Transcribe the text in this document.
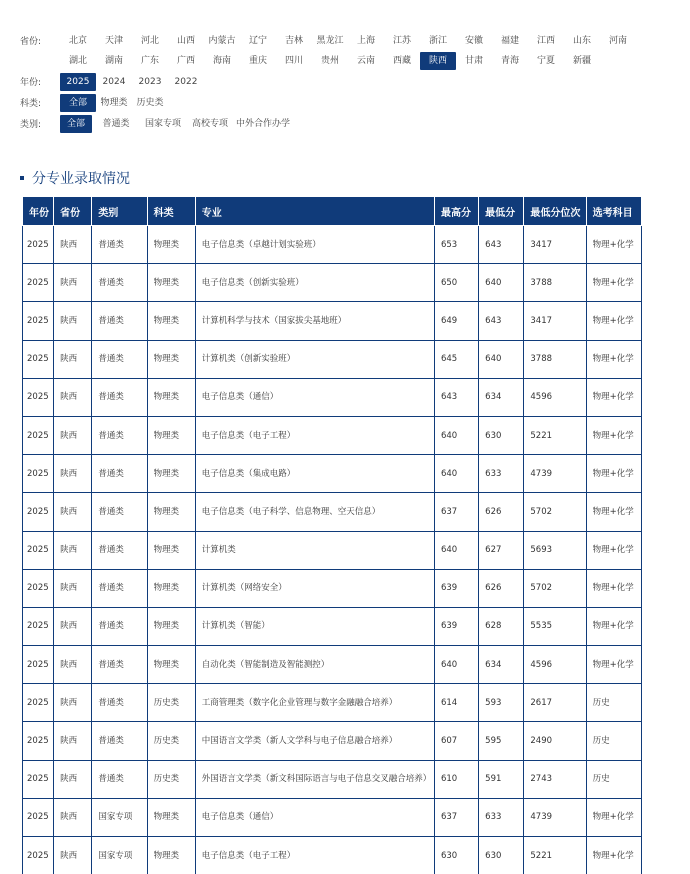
省份:	北京	天津	河北	山西	内蒙古	辽宁	吉林	黑龙江	上海	江苏	浙江	安徽	福建	江西	山东	河南
湖北	湖南	广东	广西	海南	重庆	四川	贵州	云南	西藏	陕西	甘肃	青海	宁夏	新疆
年份:	2025	2024	2023	2022
科类:	全部	物理类 历史类
类别:	全部	普通类	国家专项	高校专项 中外合作办学
分专业录取情况
年份	省份	类别	科类	专业	最高分	最低分	最低分位次	选考科目
2025	陕西	普通类	物理类	电子信息类（卓越计划实验班）	653	643	3417	物理+化学
2025	陕西	普通类	物理类	电子信息类（创新实验班）	650	640	3788	物理+化学
2025	陕西	普通类	物理类	计算机科学与技术（国家拔尖基地班）	649	643	3417	物理+化学
2025	陕西	普通类	物理类	计算机类（创新实验班）	645	640	3788	物理+化学
2025	陕西	普通类	物理类	电子信息类（通信）	643	634	4596	物理+化学
2025	陕西	普通类	物理类	电子信息类（电子工程）	640	630	5221	物理+化学
2025	陕西	普通类	物理类	电子信息类（集成电路）	640	633	4739	物理+化学
2025	陕西	普通类	物理类	电子信息类（电子科学、信息物理、空天信息）	637	626	5702	物理+化学
2025	陕西	普通类	物理类	计算机类	640	627	5693	物理+化学
2025	陕西	普通类	物理类	计算机类（网络安全）	639	626	5702	物理+化学
2025	陕西	普通类	物理类	计算机类（智能）	639	628	5535	物理+化学
2025	陕西	普通类	物理类	自动化类（智能制造及智能测控）	640	634	4596	物理+化学
2025	陕西	普通类	历史类	工商管理类（数字化企业管理与数字金融融合培养）	614	593	2617	历史
2025	陕西	普通类	历史类	中国语言文学类（新人文学科与电子信息融合培养）	607	595	2490	历史
2025	陕西	普通类	历史类	外国语言文学类（新文科国际语言与电子信息交叉融合培养）	610	591	2743	历史
2025	陕西	国家专项	物理类	电子信息类（通信）	637	633	4739	物理+化学
2025	陕西	国家专项	物理类	电子信息类（电子工程）	630	630	5221	物理+化学
